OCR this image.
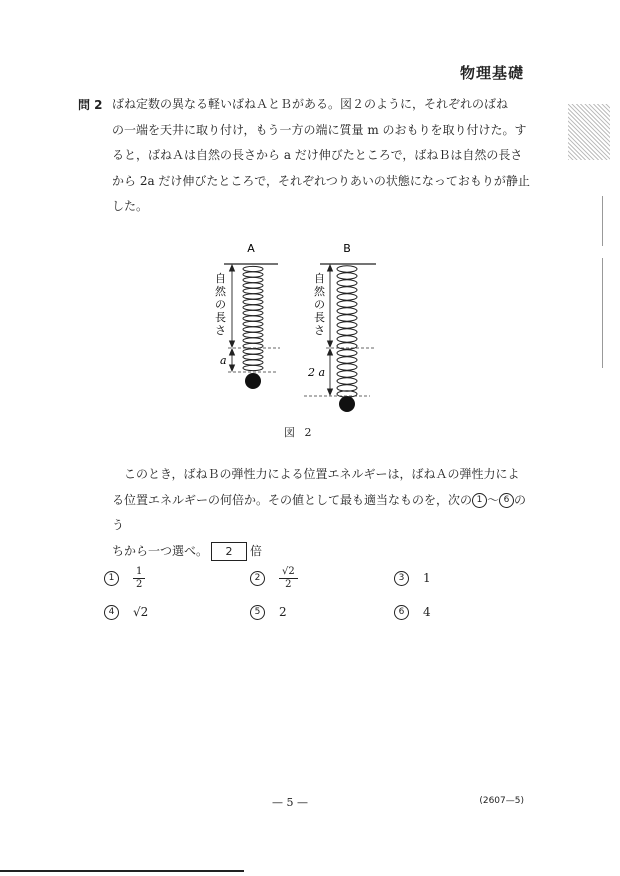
物理基礎
問 2 ばね定数の異なる軽いばねＡとＢがある。図２のように，それぞれのばね
の一端を天井に取り付け，もう一方の端に質量 m のおもりを取り付けた。す
ると，ばねＡは自然の長さから a だけ伸びたところで，ばねＢは自然の長さ
から 2a だけ伸びたところで，それぞれつりあいの状態になっておもりが静止
した。
A	B
自 然 の 長 さ
a
自 然 の 長 さ
2 a
図 2
このとき，ばねＢの弾性力による位置エネルギーは，ばねＡの弾性力によ
る位置エネルギーの何倍か。その値として最も適当なものを，次の 1 〜 6 のう
ちから一つ選べ。 2 倍
1	$\frac{1}{2}$	2	$\frac{√2}{2}$	3	1
4	√2	5	2	6	4
— 5 —	(2607—5)
